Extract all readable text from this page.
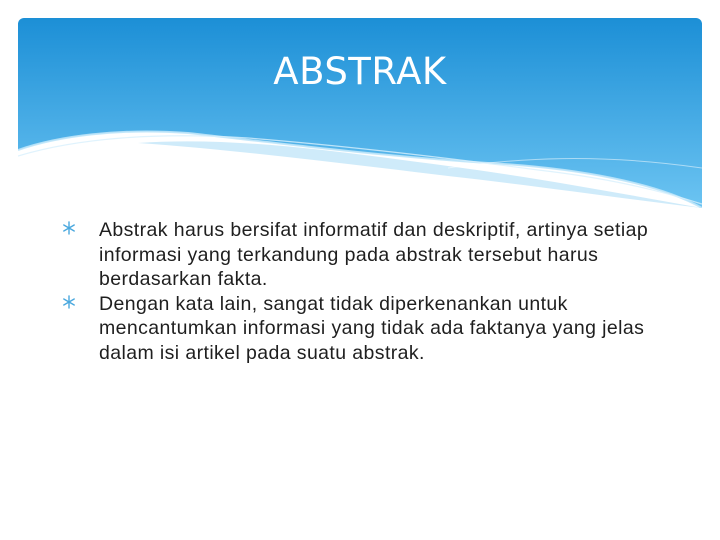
ABSTRAK
Abstrak harus bersifat informatif dan deskriptif, artinya setiap informasi yang terkandung pada abstrak tersebut harus berdasarkan fakta.
Dengan kata lain, sangat tidak diperkenankan untuk mencantumkan informasi yang tidak ada faktanya yang jelas dalam isi artikel pada suatu abstrak.
